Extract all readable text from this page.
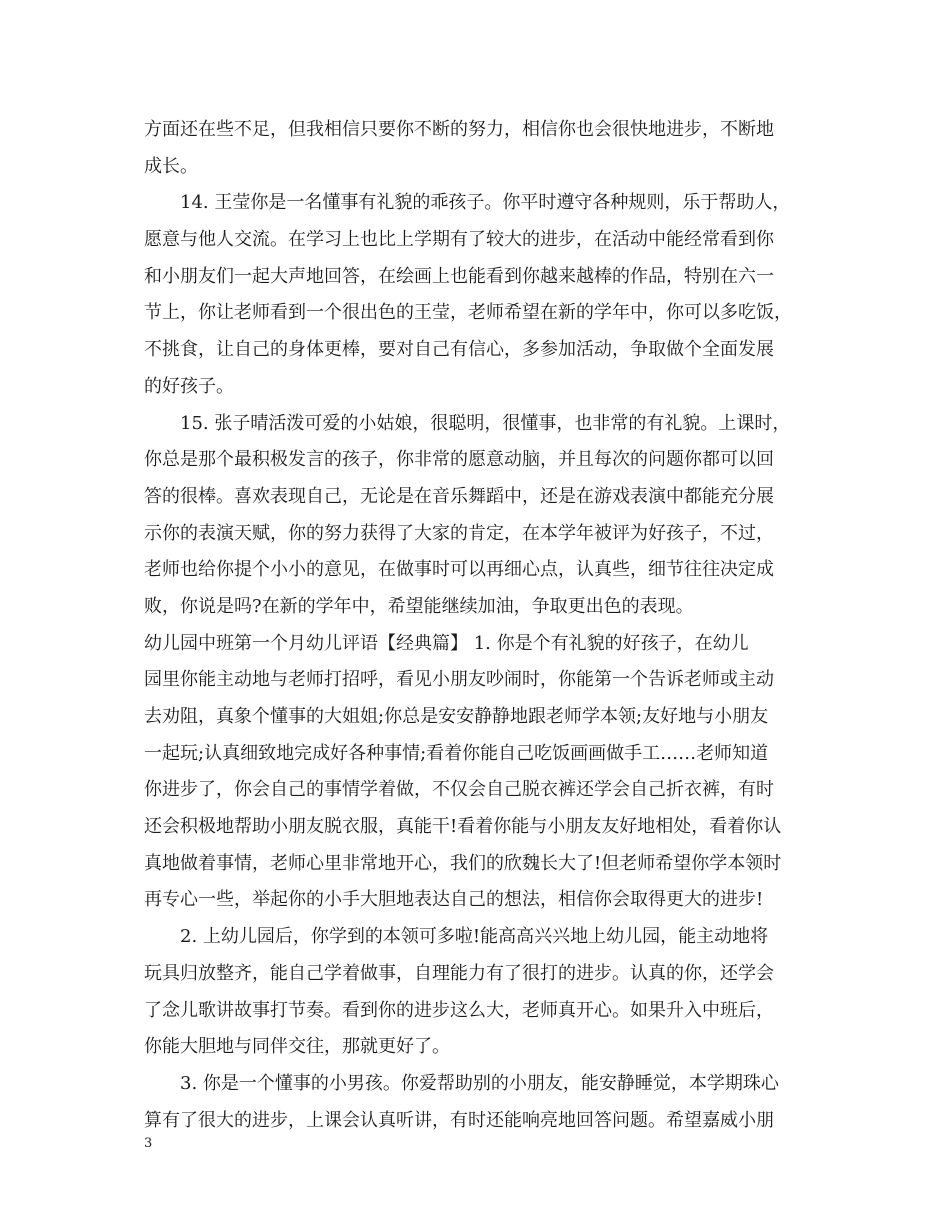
方面还在些不足，但我相信只要你不断的努力，相信你也会很快地进步，不断地
成长。
14. 王莹你是一名懂事有礼貌的乖孩子。你平时遵守各种规则，乐于帮助人，
愿意与他人交流。在学习上也比上学期有了较大的进步，在活动中能经常看到你
和小朋友们一起大声地回答，在绘画上也能看到你越来越棒的作品，特别在六一
节上，你让老师看到一个很出色的王莹，老师希望在新的学年中，你可以多吃饭，
不挑食，让自己的身体更棒，要对自己有信心，多参加活动，争取做个全面发展
的好孩子。
15. 张子晴活泼可爱的小姑娘，很聪明，很懂事，也非常的有礼貌。上课时，
你总是那个最积极发言的孩子，你非常的愿意动脑，并且每次的问题你都可以回
答的很棒。喜欢表现自己，无论是在音乐舞蹈中，还是在游戏表演中都能充分展
示你的表演天赋，你的努力获得了大家的肯定，在本学年被评为好孩子，不过，
老师也给你提个小小的意见，在做事时可以再细心点，认真些，细节往往决定成
败，你说是吗?在新的学年中，希望能继续加油，争取更出色的表现。
幼儿园中班第一个月幼儿评语【经典篇】 1. 你是个有礼貌的好孩子，在幼儿
园里你能主动地与老师打招呼，看见小朋友吵闹时，你能第一个告诉老师或主动
去劝阻，真象个懂事的大姐姐;你总是安安静静地跟老师学本领;友好地与小朋友
一起玩;认真细致地完成好各种事情;看着你能自己吃饭画画做手工……老师知道
你进步了，你会自己的事情学着做，不仅会自己脱衣裤还学会自己折衣裤，有时
还会积极地帮助小朋友脱衣服，真能干!看着你能与小朋友友好地相处，看着你认
真地做着事情，老师心里非常地开心，我们的欣魏长大了!但老师希望你学本领时
再专心一些，举起你的小手大胆地表达自己的想法，相信你会取得更大的进步!
2. 上幼儿园后，你学到的本领可多啦!能高高兴兴地上幼儿园，能主动地将
玩具归放整齐，能自己学着做事，自理能力有了很打的进步。认真的你，还学会
了念儿歌讲故事打节奏。看到你的进步这么大，老师真开心。如果升入中班后，
你能大胆地与同伴交往，那就更好了。
3. 你是一个懂事的小男孩。你爱帮助别的小朋友，能安静睡觉，本学期珠心
算有了很大的进步，上课会认真听讲，有时还能响亮地回答问题。希望嘉威小朋
3
